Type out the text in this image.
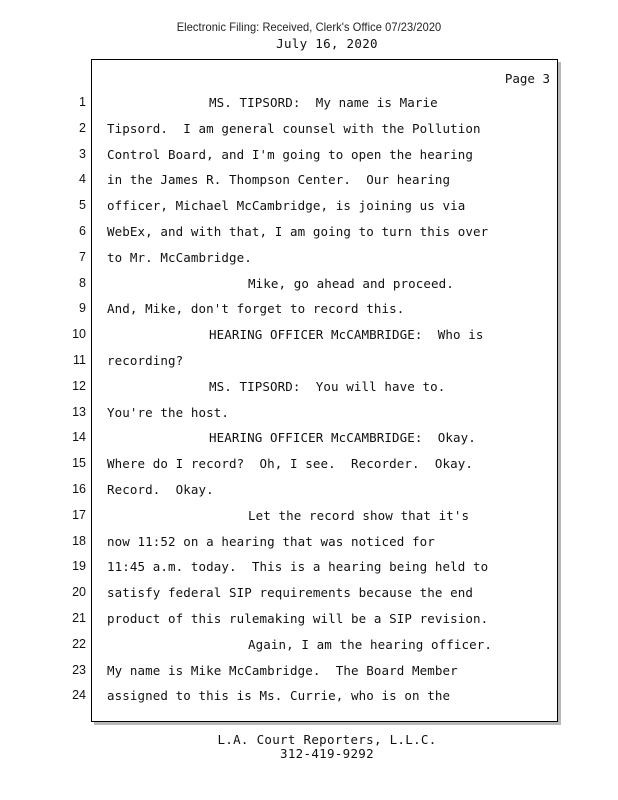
Electronic Filing: Received, Clerk's Office 07/23/2020
July 16, 2020
Page 3
1
2
3
4
5
6
7
8
9
10
11
12
13
14
15
16
17
18
19
20
21
22
23
24
MS. TIPSORD:  My name is Marie
Tipsord.  I am general counsel with the Pollution
Control Board, and I'm going to open the hearing
in the James R. Thompson Center.  Our hearing
officer, Michael McCambridge, is joining us via
WebEx, and with that, I am going to turn this over
to Mr. McCambridge.
Mike, go ahead and proceed.
And, Mike, don't forget to record this.
HEARING OFFICER McCAMBRIDGE:  Who is
recording?
MS. TIPSORD:  You will have to.
You're the host.
HEARING OFFICER McCAMBRIDGE:  Okay.
Where do I record?  Oh, I see.  Recorder.  Okay.
Record.  Okay.
Let the record show that it's
now 11:52 on a hearing that was noticed for
11:45 a.m. today.  This is a hearing being held to
satisfy federal SIP requirements because the end
product of this rulemaking will be a SIP revision.
Again, I am the hearing officer.
My name is Mike McCambridge.  The Board Member
assigned to this is Ms. Currie, who is on the
L.A. Court Reporters, L.L.C.
312-419-9292
